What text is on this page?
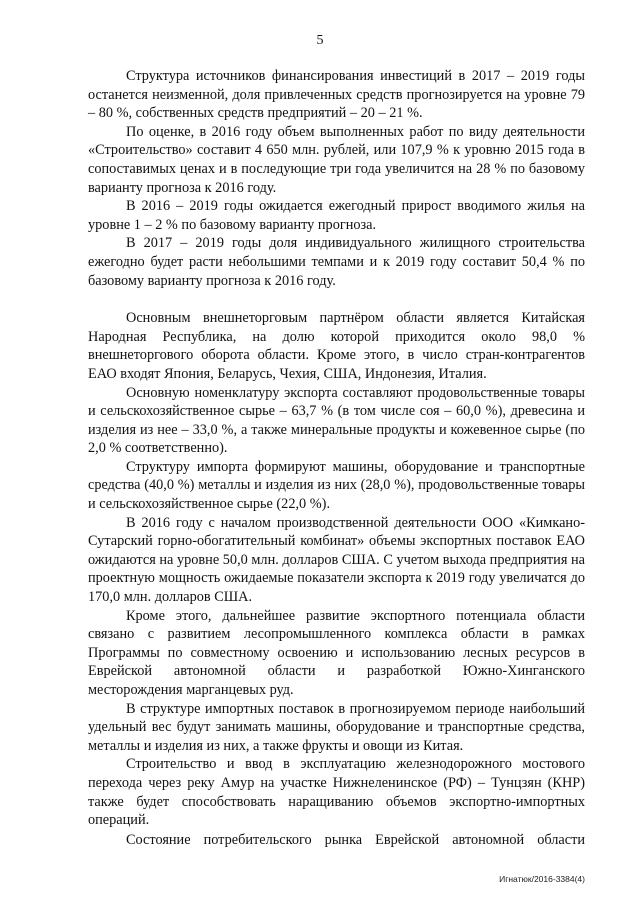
5

Структура источников финансирования инвестиций в 2017 – 2019 годы останется неизменной, доля привлеченных средств прогнозируется на уровне 79 – 80 %, собственных средств предприятий – 20 – 21 %.

По оценке, в 2016 году объем выполненных работ по виду деятельности «Строительство» составит 4 650 млн. рублей, или 107,9 % к уровню 2015 года в сопоставимых ценах и в последующие три года увеличится на 28 % по базовому варианту прогноза к 2016 году.

В 2016 – 2019 годы ожидается ежегодный прирост вводимого жилья на уровне 1 – 2 % по базовому варианту прогноза.

В 2017 – 2019 годы доля индивидуального жилищного строительства ежегодно будет расти небольшими темпами и к 2019 году составит 50,4 % по базовому варианту прогноза к 2016 году.

Основным внешнеторговым партнёром области является Китайская Народная Республика, на долю которой приходится около 98,0 % внешнеторгового оборота области. Кроме этого, в число стран-контрагентов ЕАО входят Япония, Беларусь, Чехия, США, Индонезия, Италия.

Основную номенклатуру экспорта составляют продовольственные товары и сельскохозяйственное сырье – 63,7 % (в том числе соя – 60,0 %), древесина и изделия из нее – 33,0 %, а также минеральные продукты и кожевенное сырье (по 2,0 % соответственно).

Структуру импорта формируют машины, оборудование и транспортные средства (40,0 %) металлы и изделия из них (28,0 %), продовольственные товары и сельскохозяйственное сырье (22,0 %).

В 2016 году с началом производственной деятельности ООО «Кимкано-Сутарский горно-обогатительный комбинат» объемы экспортных поставок ЕАО ожидаются на уровне 50,0 млн. долларов США. С учетом выхода предприятия на проектную мощность ожидаемые показатели экспорта к 2019 году увеличатся до 170,0 млн. долларов США.

Кроме этого, дальнейшее развитие экспортного потенциала области связано с развитием лесопромышленного комплекса области в рамках Программы по совместному освоению и использованию лесных ресурсов в Еврейской автономной области и разработкой Южно-Хинганского месторождения марганцевых руд.

В структуре импортных поставок в прогнозируемом периоде наибольший удельный вес будут занимать машины, оборудование и транспортные средства, металлы и изделия из них, а также фрукты и овощи из Китая.

Строительство и ввод в эксплуатацию железнодорожного мостового перехода через реку Амур на участке Нижнеленинское (РФ) – Тунцзян (КНР) также будет способствовать наращиванию объемов экспортно-импортных операций.

Состояние потребительского рынка Еврейской автономной области

Игнатюк/2016-3384(4)
